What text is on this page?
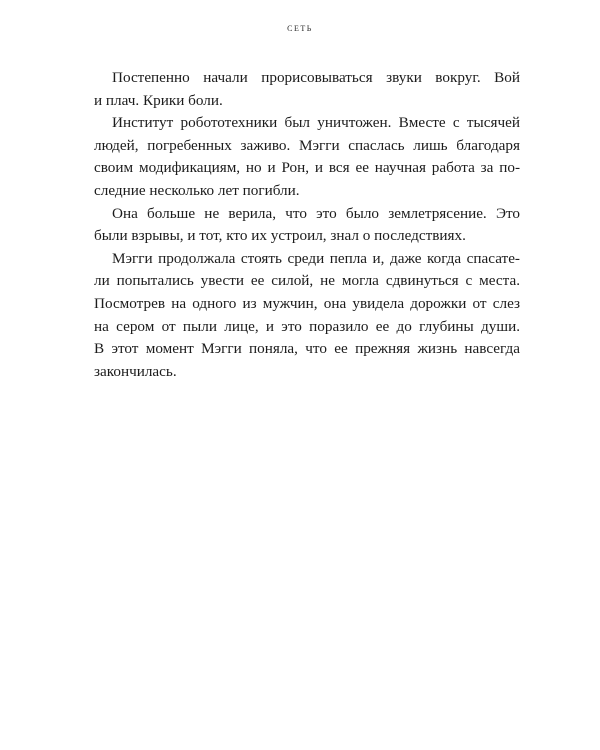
сеть
Постепенно начали прорисовываться звуки вокруг. Вой
и плач. Крики боли.
Институт робототехники был уничтожен. Вместе с тысячей
людей, погребенных заживо. Мэгги спаслась лишь благодаря
своим модификациям, но и Рон, и вся ее научная работа за по-
следние несколько лет погибли.
Она больше не верила, что это было землетрясение. Это
были взрывы, и тот, кто их устроил, знал о последствиях.
Мэгги продолжала стоять среди пепла и, даже когда спасате-
ли попытались увести ее силой, не могла сдвинуться с места.
Посмотрев на одного из мужчин, она увидела дорожки от слез
на сером от пыли лице, и это поразило ее до глубины души.
В этот момент Мэгги поняла, что ее прежняя жизнь навсегда
закончилась.
